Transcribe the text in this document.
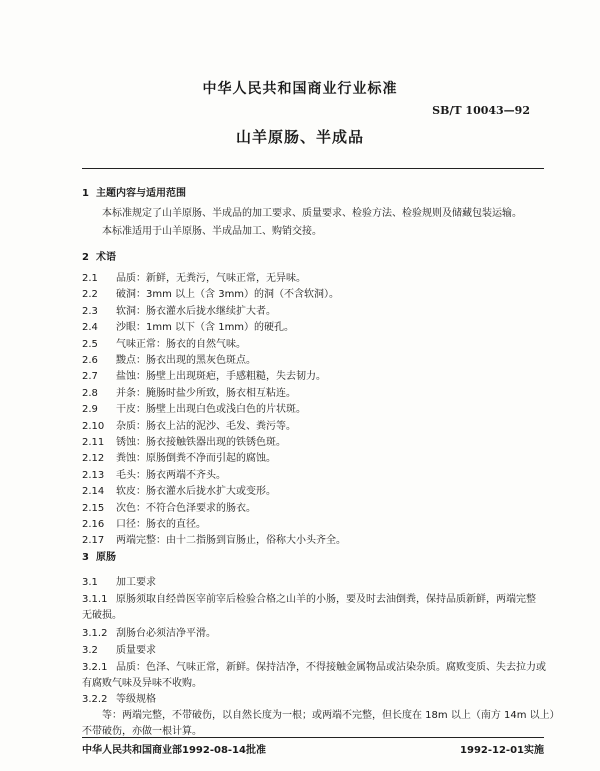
中华人民共和国商业行业标准
SB/T 10043—92
山羊原肠、半成品
1 主题内容与适用范围
本标准规定了山羊原肠、半成品的加工要求、质量要求、检验方法、检验规则及储藏包装运输。
本标准适用于山羊原肠、半成品加工、购销交接。
2 术语
2.1 品质：新鲜，无粪污，气味正常，无异味。
2.2 破洞：3mm 以上（含 3mm）的洞（不含软洞）。
2.3 软洞：肠衣灌水后拢水继续扩大者。
2.4 沙眼：1mm 以下（含 1mm）的硬孔。
2.5 气味正常：肠衣的自然气味。
2.6 黢点：肠衣出现的黑灰色斑点。
2.7 盐蚀：肠壁上出现斑疤，手感粗糙，失去韧力。
2.8 并条：腌肠时盐少所致，肠衣相互粘连。
2.9 干皮：肠壁上出现白色或浅白色的片状斑。
2.10 杂质：肠衣上沾的泥沙、毛发、粪污等。
2.11 锈蚀：肠衣接触铁器出现的铁锈色斑。
2.12 粪蚀：原肠倒粪不净而引起的腐蚀。
2.13 毛头：肠衣两端不齐头。
2.14 软皮：肠衣灌水后拢水扩大或变形。
2.15 次色：不符合色泽要求的肠衣。
2.16 口径：肠衣的直径。
2.17 两端完整：由十二指肠到盲肠止，俗称大小头齐全。
3 原肠
3.1 加工要求
3.1.1 原肠须取自经兽医宰前宰后检验合格之山羊的小肠，要及时去油倒粪，保持品质新鲜，两端完整
无破损。
3.1.2 刮肠台必须洁净平滑。
3.2 质量要求
3.2.1 品质：色泽、气味正常，新鲜。保持洁净，不得接触金属物品或沾染杂质。腐败变质、失去拉力或
有腐败气味及异味不收购。
3.2.2 等级规格
等：两端完整，不带破伤，以自然长度为一根；或两端不完整，但长度在 18m 以上（南方 14m 以上）
不带破伤，亦做一根计算。
中华人民共和国商业部1992-08-14批准	1992-12-01实施
